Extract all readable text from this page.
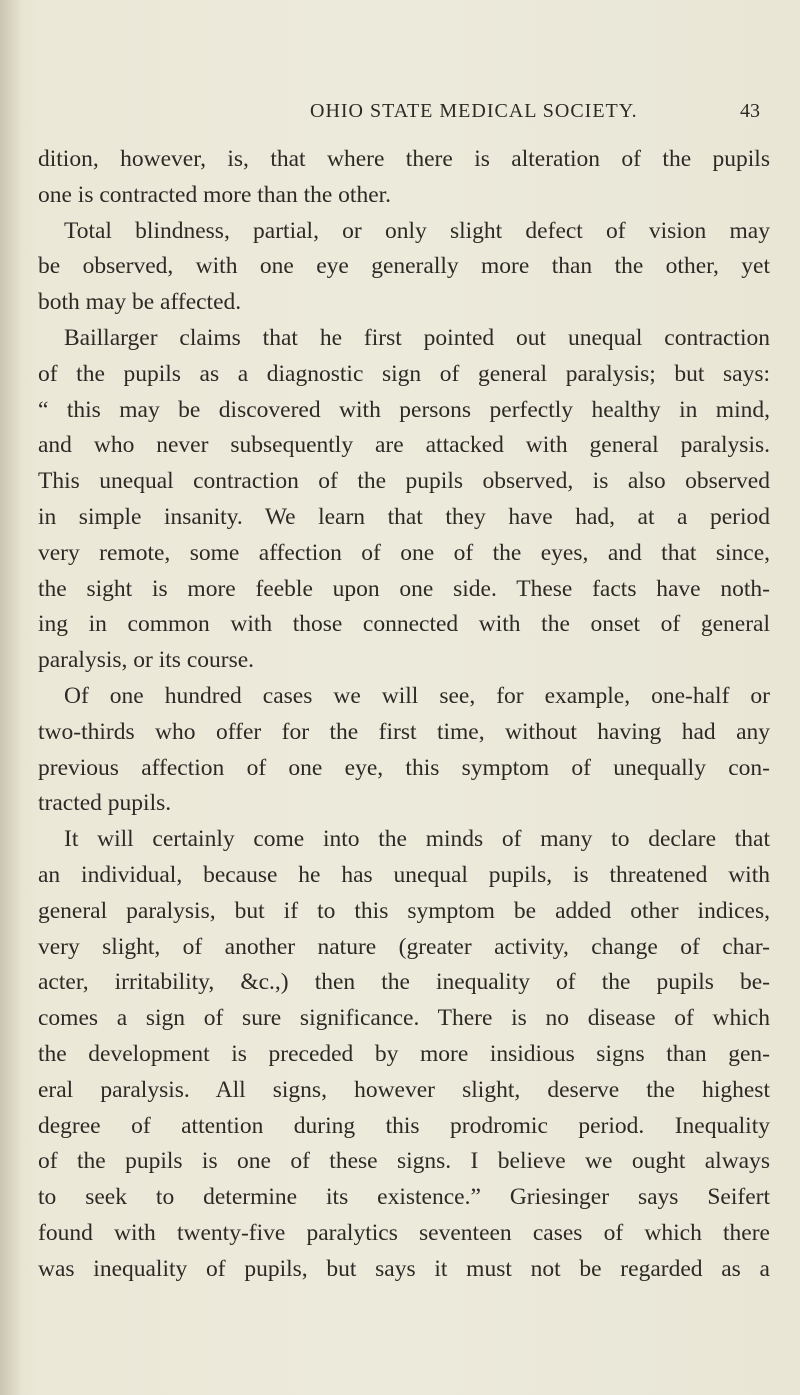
OHIO STATE MEDICAL SOCIETY.	43
dition, however, is, that where there is alteration of the pupils
one is contracted more than the other.
Total blindness, partial, or only slight defect of vision may
be observed, with one eye generally more than the other, yet
both may be affected.
Baillarger claims that he first pointed out unequal contraction
of the pupils as a diagnostic sign of general paralysis; but says:
“ this may be discovered with persons perfectly healthy in mind,
and who never subsequently are attacked with general paralysis.
This unequal contraction of the pupils observed, is also observed
in simple insanity. We learn that they have had, at a period
very remote, some affection of one of the eyes, and that since,
the sight is more feeble upon one side. These facts have noth-
ing in common with those connected with the onset of general
paralysis, or its course.
Of one hundred cases we will see, for example, one-half or
two-thirds who offer for the first time, without having had any
previous affection of one eye, this symptom of unequally con-
tracted pupils.
It will certainly come into the minds of many to declare that
an individual, because he has unequal pupils, is threatened with
general paralysis, but if to this symptom be added other indices,
very slight, of another nature (greater activity, change of char-
acter, irritability, &c.,) then the inequality of the pupils be-
comes a sign of sure significance. There is no disease of which
the development is preceded by more insidious signs than gen-
eral paralysis. All signs, however slight, deserve the highest
degree of attention during this prodromic period. Inequality
of the pupils is one of these signs. I believe we ought always
to seek to determine its existence.” Griesinger says Seifert
found with twenty-five paralytics seventeen cases of which there
was inequality of pupils, but says it must not be regarded as a
